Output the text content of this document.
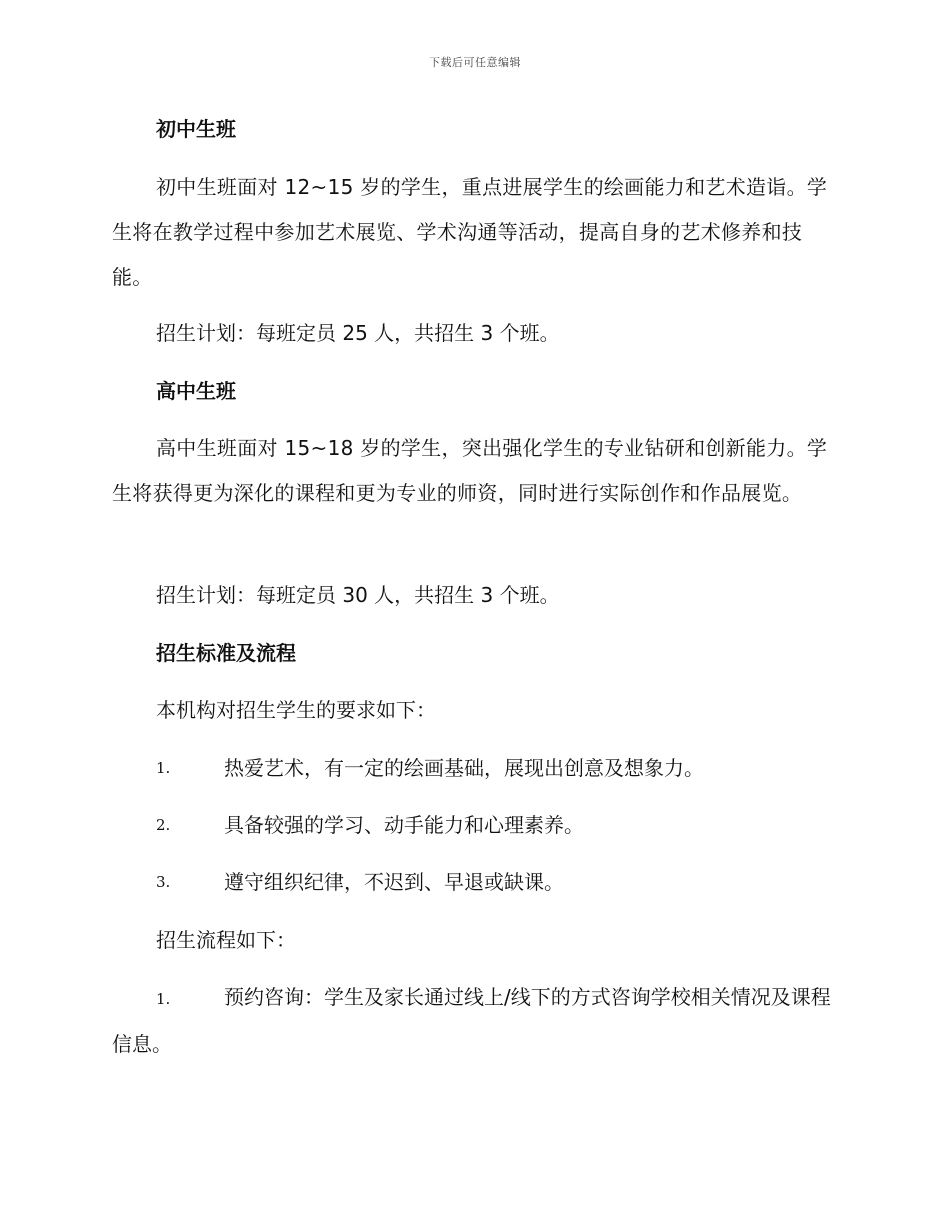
下载后可任意编辑
初中生班
初中生班面对 12~15 岁的学生，重点进展学生的绘画能力和艺术造诣。学生将在教学过程中参加艺术展览、学术沟通等活动，提高自身的艺术修养和技能。
招生计划：每班定员 25 人，共招生 3 个班。
高中生班
高中生班面对 15~18 岁的学生，突出强化学生的专业钻研和创新能力。学生将获得更为深化的课程和更为专业的师资，同时进行实际创作和作品展览。
招生计划：每班定员 30 人，共招生 3 个班。
招生标准及流程
本机构对招生学生的要求如下：
1.	热爱艺术，有一定的绘画基础，展现出创意及想象力。
2.	具备较强的学习、动手能力和心理素养。
3.	遵守组织纪律，不迟到、早退或缺课。
招生流程如下：
1.	预约咨询：学生及家长通过线上/线下的方式咨询学校相关情况及课程信息。
